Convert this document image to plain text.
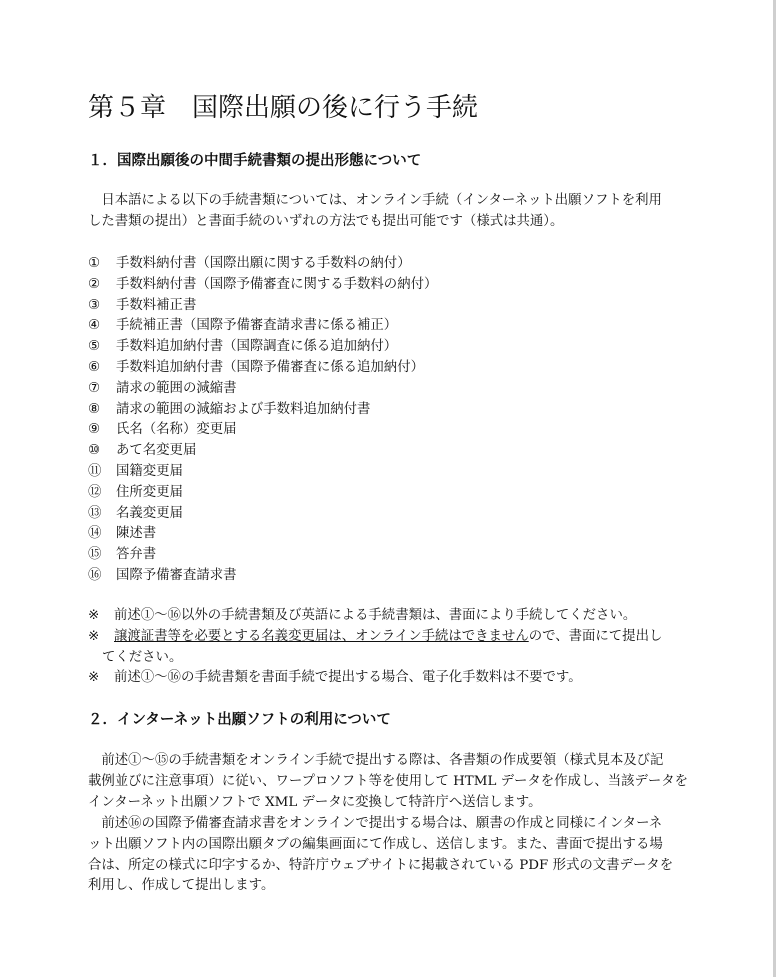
第５章　国際出願の後に行う手続
１．国際出願後の中間手続書類の提出形態について
　日本語による以下の手続書類については、オンライン手続（インターネット出願ソフトを利用
した書類の提出）と書面手続のいずれの方法でも提出可能です（様式は共通）。
① 手数料納付書（国際出願に関する手数料の納付）
② 手数料納付書（国際予備審査に関する手数料の納付）
③ 手数料補正書
④ 手続補正書（国際予備審査請求書に係る補正）
⑤ 手数料追加納付書（国際調査に係る追加納付）
⑥ 手数料追加納付書（国際予備審査に係る追加納付）
⑦ 請求の範囲の減縮書
⑧ 請求の範囲の減縮および手数料追加納付書
⑨ 氏名（名称）変更届
⑩ あて名変更届
⑪ 国籍変更届
⑫ 住所変更届
⑬ 名義変更届
⑭ 陳述書
⑮ 答弁書
⑯ 国際予備審査請求書
※ 前述①～⑯以外の手続書類及び英語による手続書類は、書面により手続してください。
※ 譲渡証書等を必要とする名義変更届は、オンライン手続はできませんので、書面にて提出し
てください。
※ 前述①～⑯の手続書類を書面手続で提出する場合、電子化手数料は不要です。
２．インターネット出願ソフトの利用について
　前述①～⑮の手続書類をオンライン手続で提出する際は、各書類の作成要領（様式見本及び記
載例並びに注意事項）に従い、ワープロソフト等を使用して HTML データを作成し、当該データを
インターネット出願ソフトで XML データに変換して特許庁へ送信します。
　前述⑯の国際予備審査請求書をオンラインで提出する場合は、願書の作成と同様にインターネ
ット出願ソフト内の国際出願タブの編集画面にて作成し、送信します。また、書面で提出する場
合は、所定の様式に印字するか、特許庁ウェブサイトに掲載されている PDF 形式の文書データを
利用し、作成して提出します。
